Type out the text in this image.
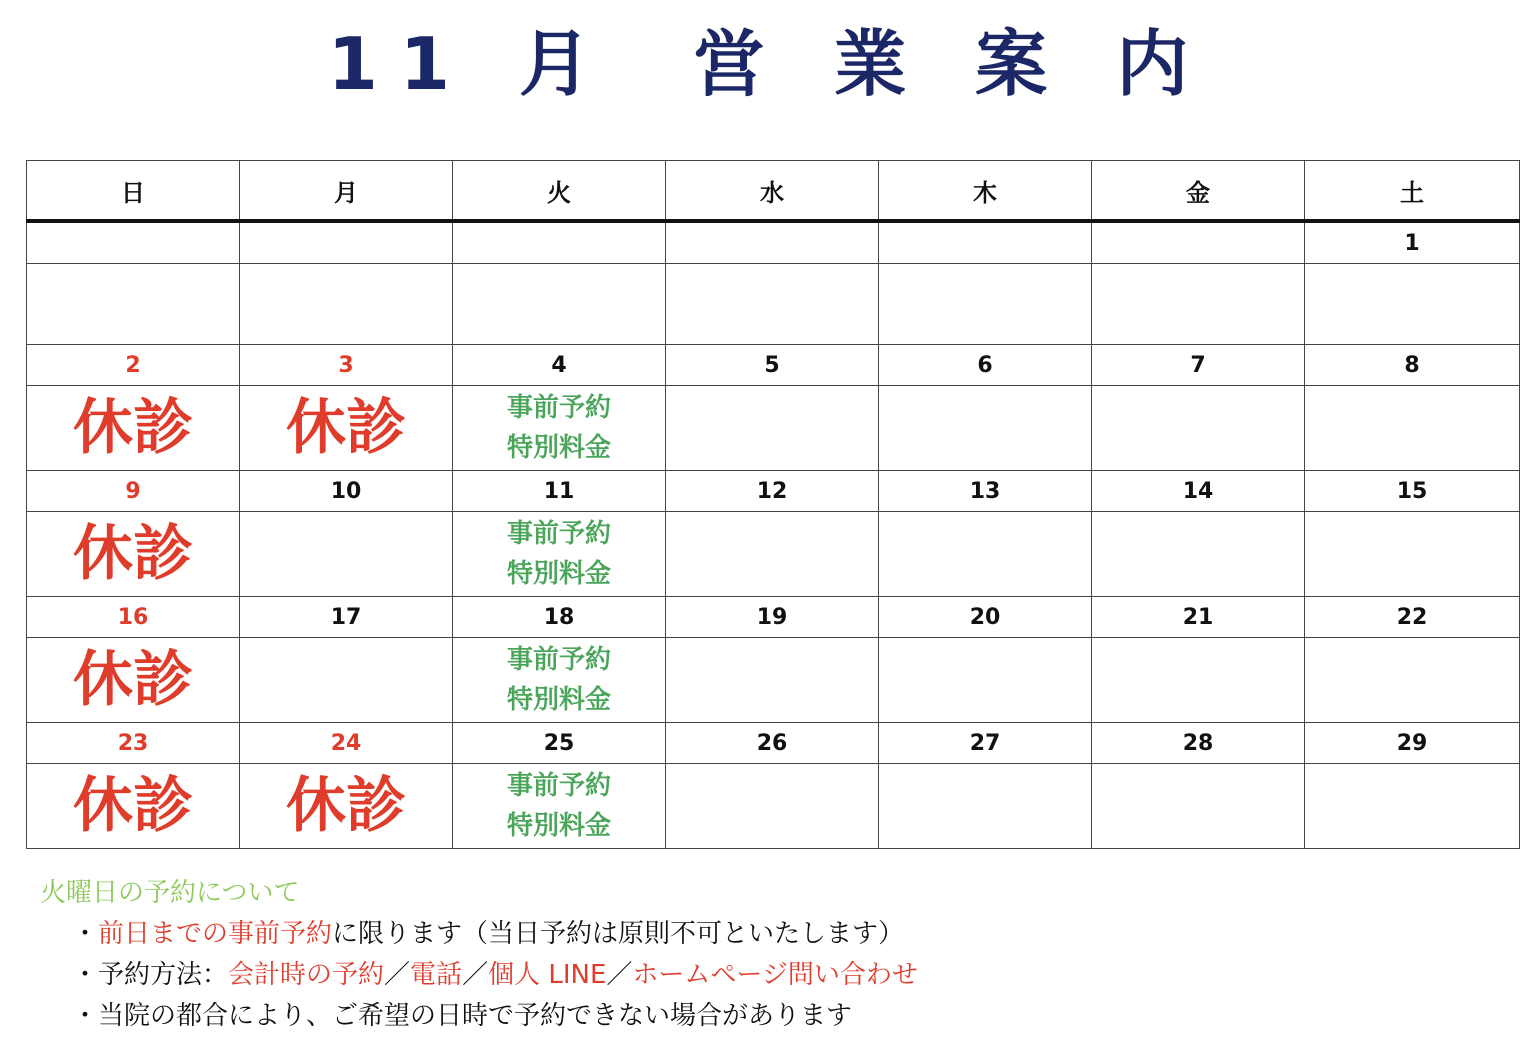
11 月 営 業 案 内
日	月	火	水	木	金	土
						1

2	3	4	5	6	7	8

休診	休診	事前予約
特別料金				

9	10	11	12	13	14	15

休診		事前予約
特別料金				

16	17	18	19	20	21	22

休診		事前予約
特別料金				

23	24	25	26	27	28	29

休診	休診	事前予約
特別料金				

火曜日の予約について
・前日までの事前予約に限ります（当日予約は原則不可といたします）
・予約方法：会計時の予約／電話／個人 LINE／ホームページ問い合わせ
・当院の都合により、ご希望の日時で予約できない場合があります
